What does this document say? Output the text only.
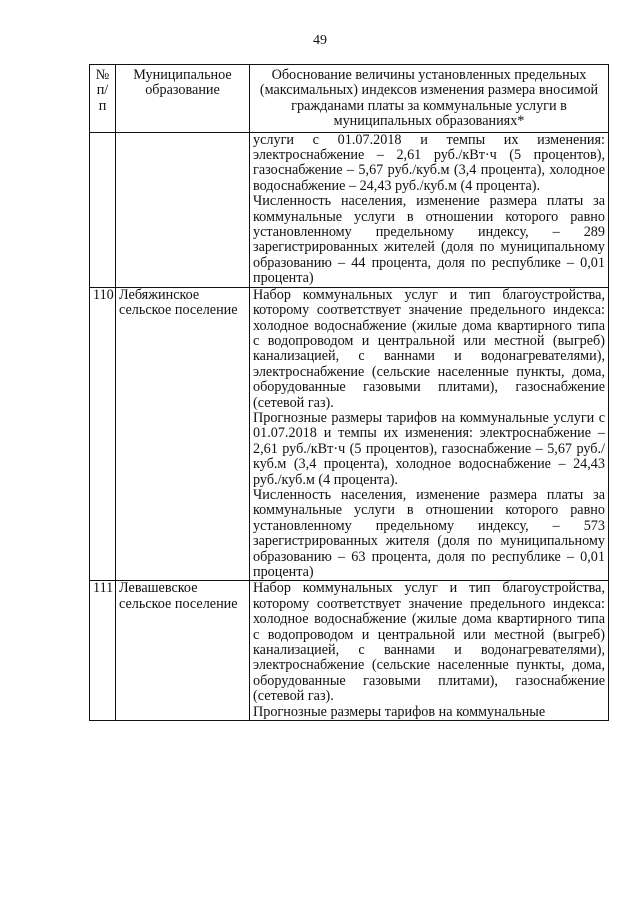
49
№ п/п	Муниципальное образование	Обоснование величины установленных предельных (максимальных) индексов изменения размера вносимой гражданами платы за коммунальные услуги в муниципальных образованиях*

		услуги с 01.07.2018 и темпы их изменения: электроснабжение – 2,61 руб./кВт·ч (5 процентов), газоснабжение – 5,67 руб./куб.м (3,4 процента), холодное водоснабжение – 24,43 руб./куб.м (4 процента).

Численность населения, изменение размера платы за коммунальные услуги в отношении которого равно установленному предельному индексу, – 289 зарегистрированных жителей (доля по муниципальному образованию – 44 процента, доля по республике – 0,01 процента)

110	Лебяжинское сельское поселение	Набор коммунальных услуг и тип благоустройства, которому соответствует значение предельного индекса: холодное водоснабжение (жилые дома квартирного типа с водопроводом и центральной или местной (выгреб) канализацией, с ваннами и водонагревателями), электроснабжение (сельские населенные пункты, дома, оборудованные газовыми плитами), газоснабжение (сетевой газ).

Прогнозные размеры тарифов на коммунальные услуги с 01.07.2018 и темпы их изменения: электроснабжение – 2,61 руб./кВт·ч (5 процентов), газоснабжение – 5,67 руб./куб.м (3,4 процента), холодное водоснабжение – 24,43 руб./куб.м (4 процента).

Численность населения, изменение размера платы за коммунальные услуги в отношении которого равно установленному предельному индексу, – 573 зарегистрированных жителя (доля по муниципальному образованию – 63 процента, доля по республике – 0,01 процента)

111	Левашевское сельское поселение	Набор коммунальных услуг и тип благоустройства, которому соответствует значение предельного индекса: холодное водоснабжение (жилые дома квартирного типа с водопроводом и центральной или местной (выгреб) канализацией, с ваннами и водонагревателями), электроснабжение (сельские населенные пункты, дома, оборудованные газовыми плитами), газоснабжение (сетевой газ).

Прогнозные размеры тарифов на коммунальные
